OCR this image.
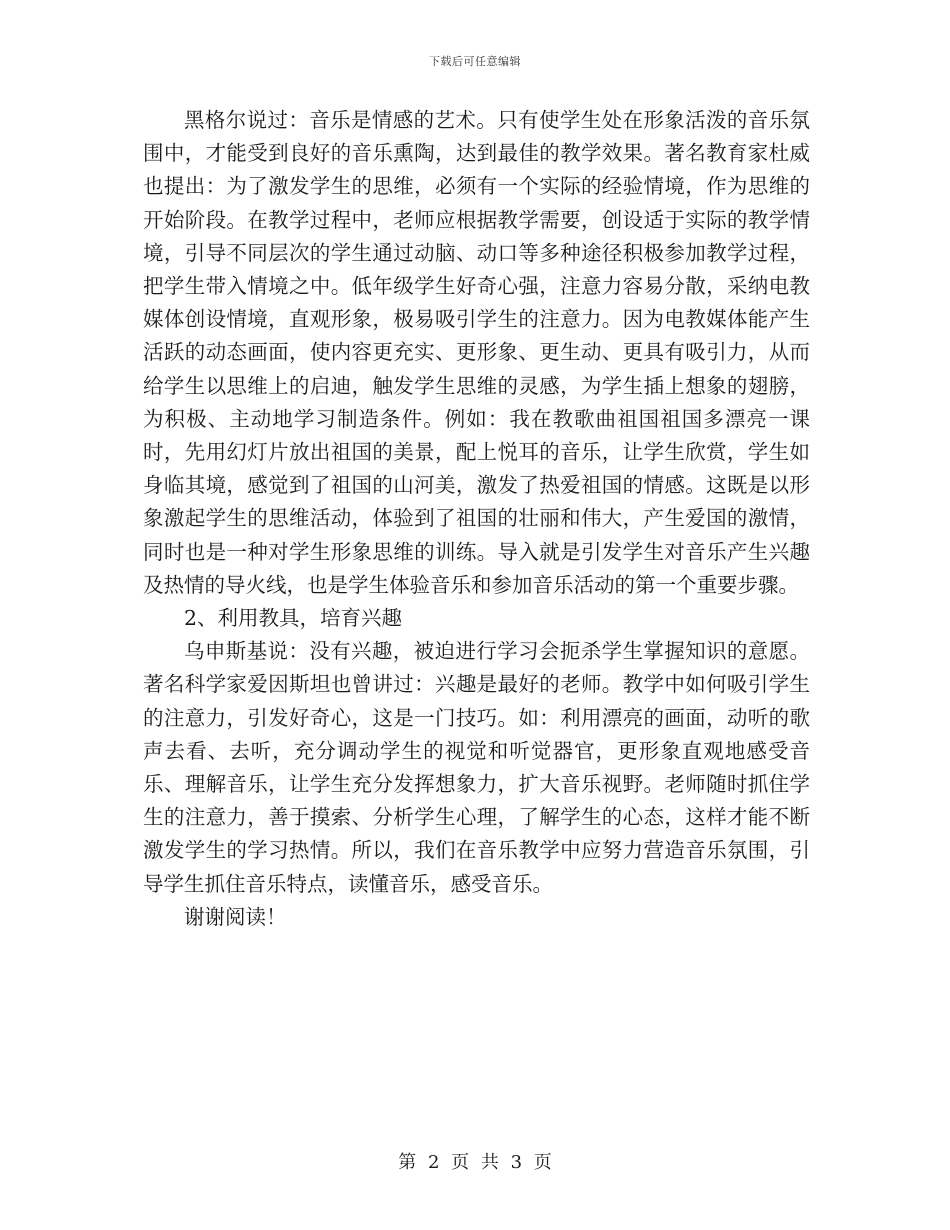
下载后可任意编辑

黑格尔说过：音乐是情感的艺术。只有使学生处在形象活泼的音乐氛围中，才能受到良好的音乐熏陶，达到最佳的教学效果。著名教育家杜威也提出：为了激发学生的思维，必须有一个实际的经验情境，作为思维的开始阶段。在教学过程中，老师应根据教学需要，创设适于实际的教学情境，引导不同层次的学生通过动脑、动口等多种途径积极参加教学过程，把学生带入情境之中。低年级学生好奇心强，注意力容易分散，采纳电教媒体创设情境，直观形象，极易吸引学生的注意力。因为电教媒体能产生活跃的动态画面，使内容更充实、更形象、更生动、更具有吸引力，从而给学生以思维上的启迪，触发学生思维的灵感，为学生插上想象的翅膀，为积极、主动地学习制造条件。例如：我在教歌曲祖国祖国多漂亮一课时，先用幻灯片放出祖国的美景，配上悦耳的音乐，让学生欣赏，学生如身临其境，感觉到了祖国的山河美，激发了热爱祖国的情感。这既是以形象激起学生的思维活动，体验到了祖国的壮丽和伟大，产生爱国的激情，同时也是一种对学生形象思维的训练。导入就是引发学生对音乐产生兴趣及热情的导火线，也是学生体验音乐和参加音乐活动的第一个重要步骤。

2、利用教具，培育兴趣

乌申斯基说：没有兴趣，被迫进行学习会扼杀学生掌握知识的意愿。著名科学家爱因斯坦也曾讲过：兴趣是最好的老师。教学中如何吸引学生的注意力，引发好奇心，这是一门技巧。如：利用漂亮的画面，动听的歌声去看、去听，充分调动学生的视觉和听觉器官，更形象直观地感受音乐、理解音乐，让学生充分发挥想象力，扩大音乐视野。老师随时抓住学生的注意力，善于摸索、分析学生心理，了解学生的心态，这样才能不断激发学生的学习热情。所以，我们在音乐教学中应努力营造音乐氛围，引导学生抓住音乐特点，读懂音乐，感受音乐。

谢谢阅读！

第 2 页 共 3 页
